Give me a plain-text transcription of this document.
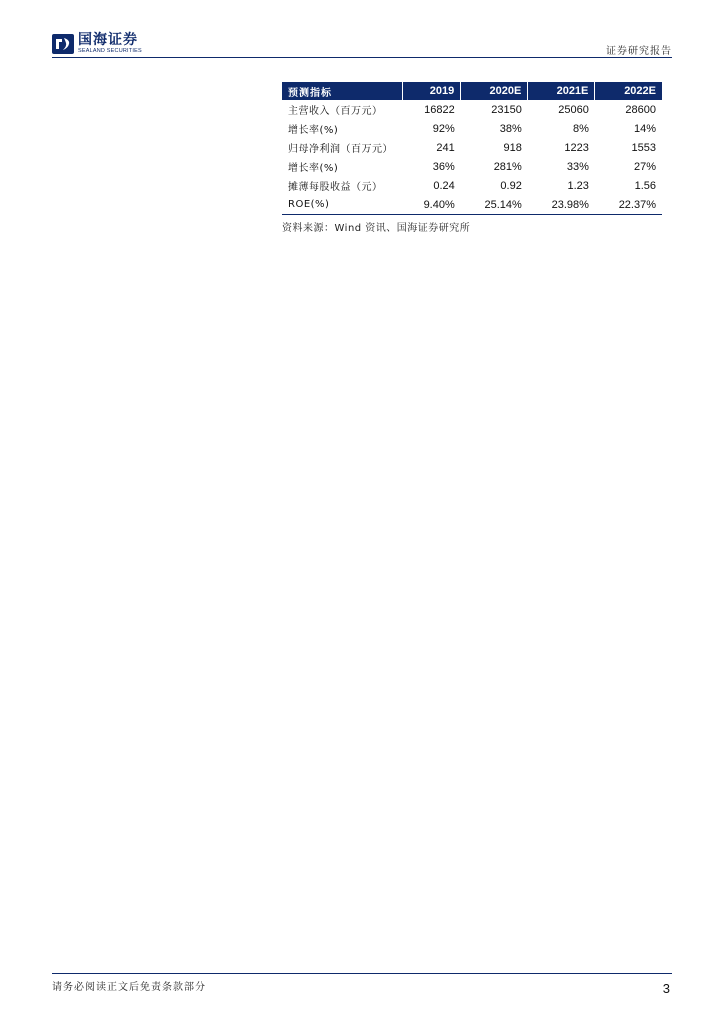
国海证券
SEALAND SECURITIES	证券研究报告
预测指标	2019	2020E	2021E	2022E
主营收入（百万元）	16822	23150	25060	28600
增长率(%)	92%	38%	8%	14%
归母净利润（百万元）	241	918	1223	1553
增长率(%)	36%	281%	33%	27%
摊薄每股收益（元）	0.24	0.92	1.23	1.56
ROE(%)	9.40%	25.14%	23.98%	22.37%
资料来源：Wind 资讯、国海证券研究所
请务必阅读正文后免责条款部分	3
